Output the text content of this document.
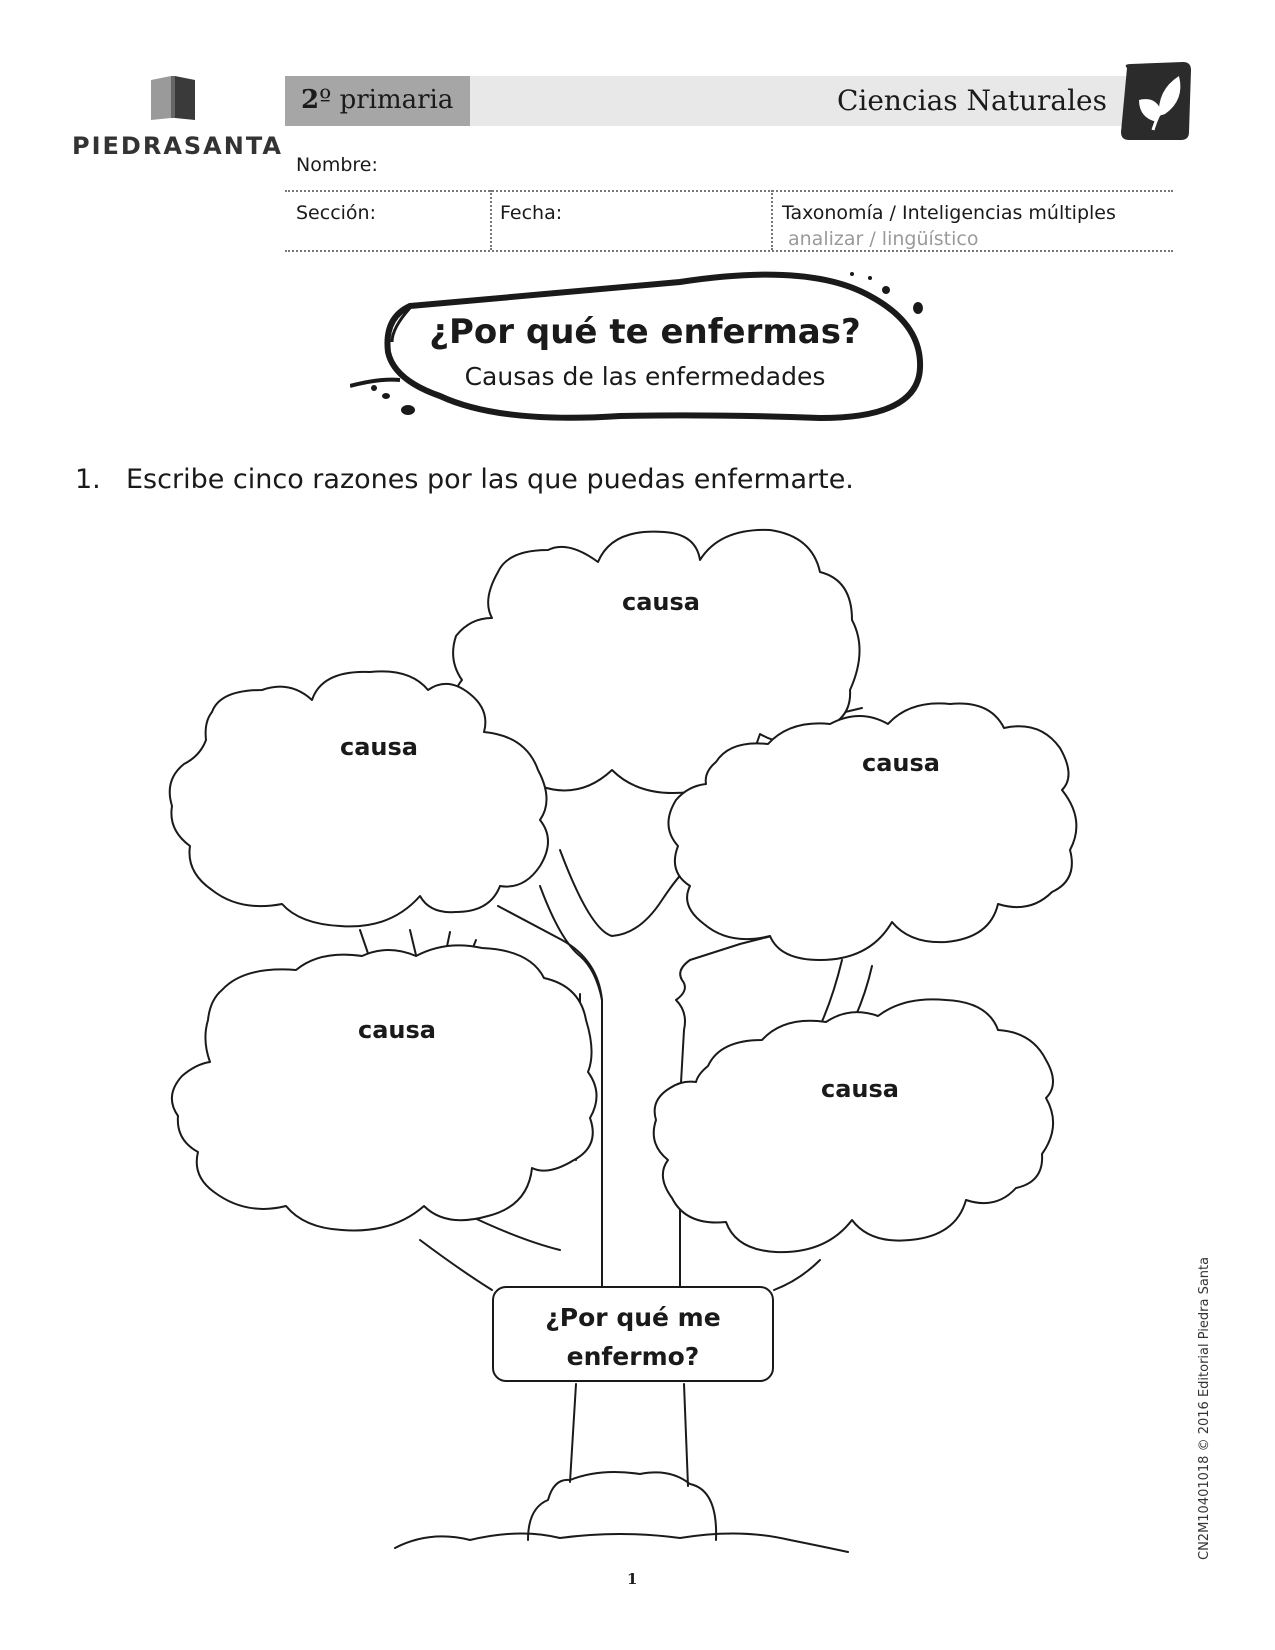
PIEDRASANTA
2º primaria	Ciencias Naturales
Nombre:
Sección:	Fecha:	Taxonomía / Inteligencias múltiples
analizar / lingüístico
¿Por qué te enfermas?
Causas de las enfermedades
1. Escribe cinco razones por las que puedas enfermarte.
causa
causa
causa
causa
causa
¿Por qué me
enfermo?
1
CN2M10401018 © 2016 Editorial Piedra Santa
